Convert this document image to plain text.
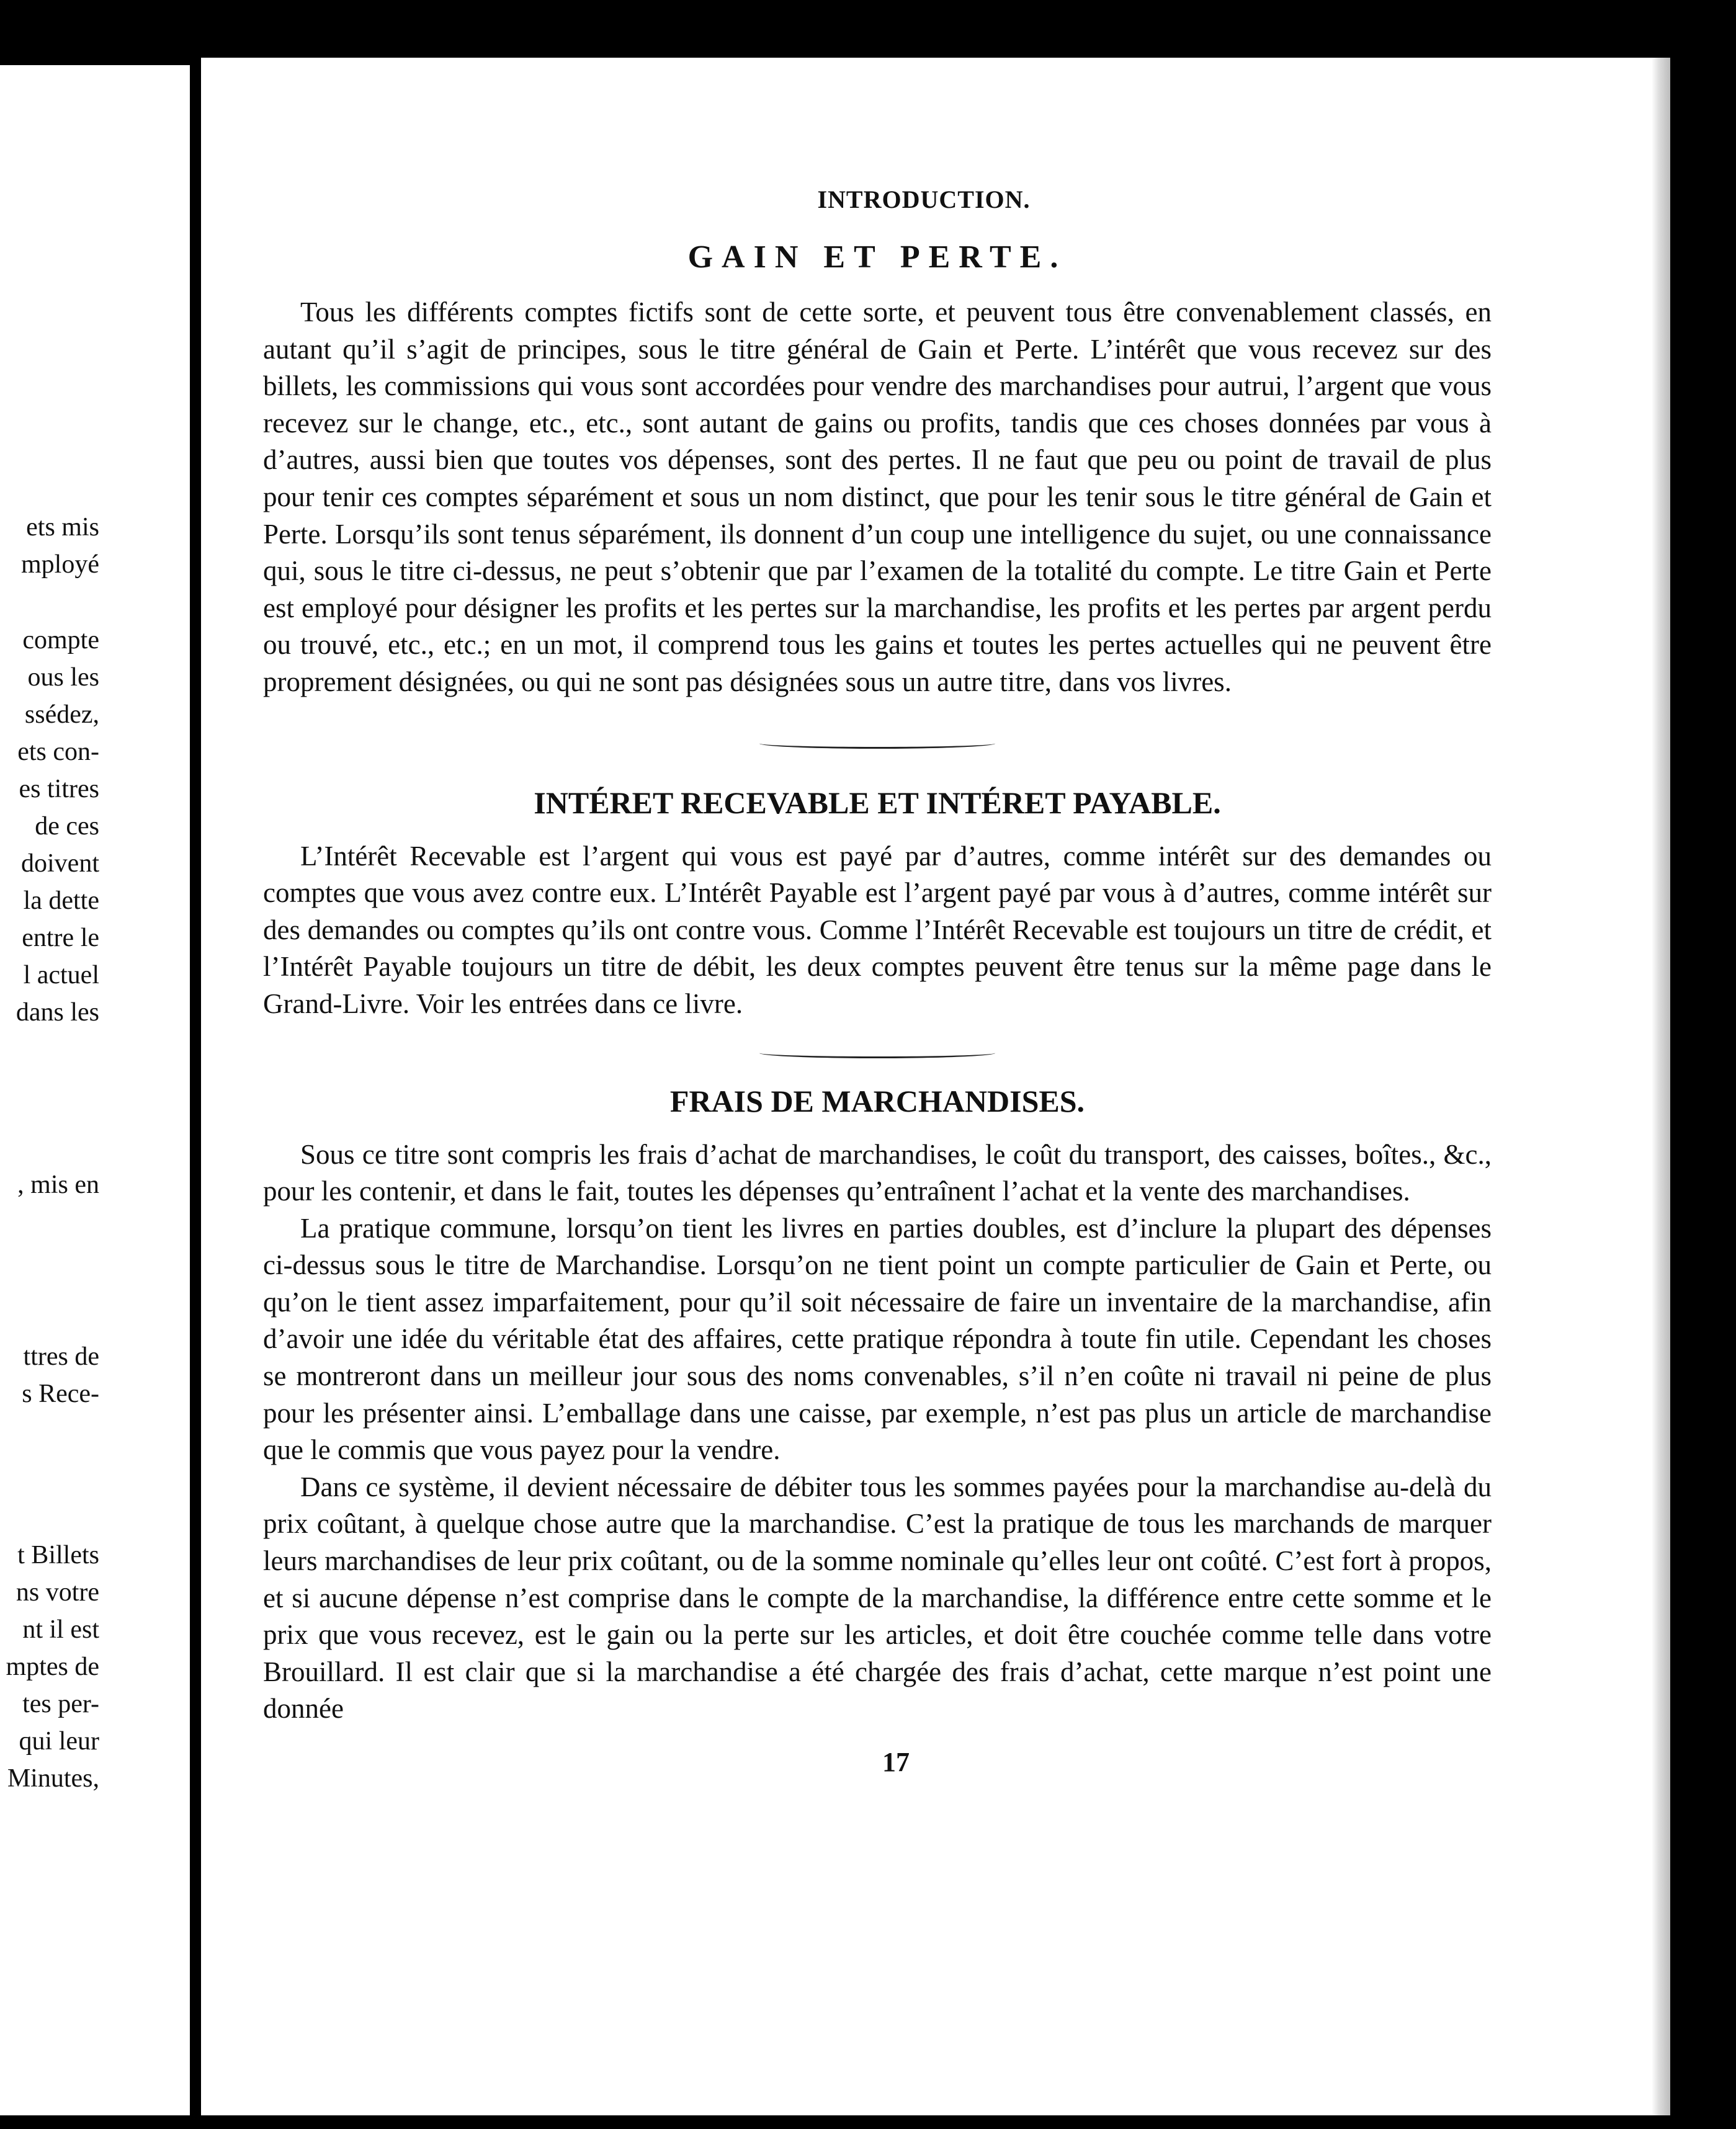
ets mis
mployé
compte
ous les
ssédez,
ets con-
es titres
de ces
doivent
la dette
entre le
l actuel
dans les
, mis en
ttres de
s Rece-
t Billets
ns votre
nt il est
mptes de
tes per-
qui leur
Minutes,
INTRODUCTION.
GAIN ET PERTE.

Tous les différents comptes fictifs sont de cette sorte, et peuvent tous être convenablement classés, en autant qu’il s’agit de principes, sous le titre général de Gain et Perte. L’intérêt que vous recevez sur des billets, les commissions qui vous sont accordées pour vendre des marchandises pour autrui, l’argent que vous recevez sur le change, etc., etc., sont autant de gains ou profits, tandis que ces choses données par vous à d’autres, aussi bien que toutes vos dépenses, sont des pertes. Il ne faut que peu ou point de travail de plus pour tenir ces comptes séparément et sous un nom distinct, que pour les tenir sous le titre général de Gain et Perte. Lorsqu’ils sont tenus séparément, ils donnent d’un coup une intelligence du sujet, ou une connaissance qui, sous le titre ci-dessus, ne peut s’obtenir que par l’examen de la totalité du compte. Le titre Gain et Perte est employé pour désigner les profits et les pertes sur la marchandise, les profits et les pertes par argent perdu ou trouvé, etc., etc.; en un mot, il comprend tous les gains et toutes les pertes actuelles qui ne peuvent être proprement désignées, ou qui ne sont pas désignées sous un autre titre, dans vos livres.

INTÉRET RECEVABLE ET INTÉRET PAYABLE.

L’Intérêt Recevable est l’argent qui vous est payé par d’autres, comme intérêt sur des demandes ou comptes que vous avez contre eux. L’Intérêt Payable est l’argent payé par vous à d’autres, comme intérêt sur des demandes ou comptes qu’ils ont contre vous. Comme l’Intérêt Recevable est toujours un titre de crédit, et l’Intérêt Payable toujours un titre de débit, les deux comptes peuvent être tenus sur la même page dans le Grand-Livre. Voir les entrées dans ce livre.

FRAIS DE MARCHANDISES.

Sous ce titre sont compris les frais d’achat de marchandises, le coût du transport, des caisses, boîtes., &c., pour les contenir, et dans le fait, toutes les dépenses qu’entraînent l’achat et la vente des marchandises.

La pratique commune, lorsqu’on tient les livres en parties doubles, est d’inclure la plupart des dépenses ci-dessus sous le titre de Marchandise. Lorsqu’on ne tient point un compte particulier de Gain et Perte, ou qu’on le tient assez imparfaitement, pour qu’il soit nécessaire de faire un inventaire de la marchandise, afin d’avoir une idée du véritable état des affaires, cette pratique répondra à toute fin utile. Cependant les choses se montreront dans un meilleur jour sous des noms convenables, s’il n’en coûte ni travail ni peine de plus pour les présenter ainsi. L’emballage dans une caisse, par exemple, n’est pas plus un article de marchandise que le commis que vous payez pour la vendre.

Dans ce système, il devient nécessaire de débiter tous les sommes payées pour la marchandise au-delà du prix coûtant, à quelque chose autre que la marchandise. C’est la pratique de tous les marchands de marquer leurs marchandises de leur prix coûtant, ou de la somme nominale qu’elles leur ont coûté. C’est fort à propos, et si aucune dépense n’est comprise dans le compte de la marchandise, la différence entre cette somme et le prix que vous recevez, est le gain ou la perte sur les articles, et doit être couchée comme telle dans votre Brouillard. Il est clair que si la marchandise a été chargée des frais d’achat, cette marque n’est point une donnée

17
